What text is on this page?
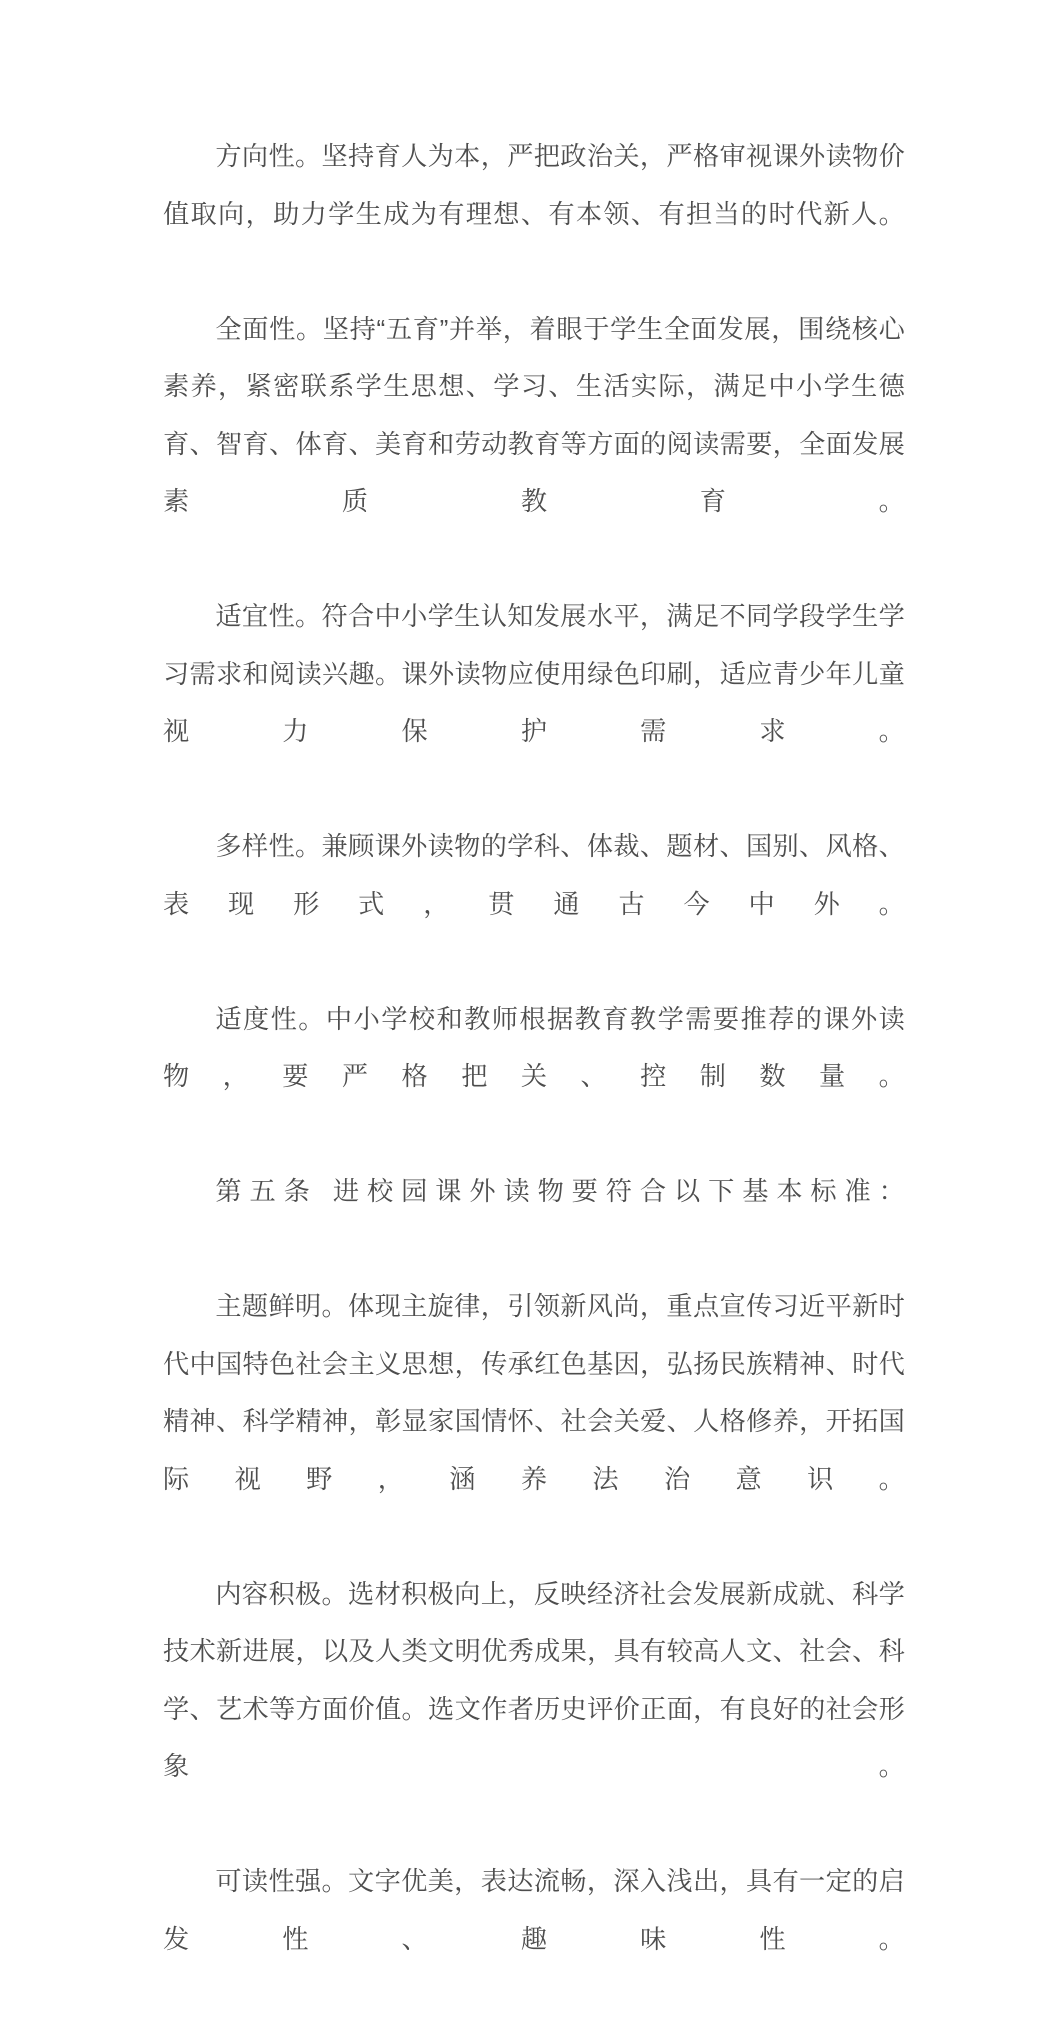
方向性。坚持育人为本，严把政治关，严格审视课外读物价值取向，助力学生成为有理想、有本领、有担当的时代新人。

全面性。坚持“五育”并举，着眼于学生全面发展，围绕核心素养，紧密联系学生思想、学习、生活实际，满足中小学生德育、智育、体育、美育和劳动教育等方面的阅读需要，全面发展素质教育。

适宜性。符合中小学生认知发展水平，满足不同学段学生学习需求和阅读兴趣。课外读物应使用绿色印刷，适应青少年儿童视力保护需求。

多样性。兼顾课外读物的学科、体裁、题材、国别、风格、表现形式，贯通古今中外。

适度性。中小学校和教师根据教育教学需要推荐的课外读物，要严格把关、控制数量。

第五条 进校园课外读物要符合以下基本标准：

主题鲜明。体现主旋律，引领新风尚，重点宣传习近平新时代中国特色社会主义思想，传承红色基因，弘扬民族精神、时代精神、科学精神，彰显家国情怀、社会关爱、人格修养，开拓国际视野，涵养法治意识。

内容积极。选材积极向上，反映经济社会发展新成就、科学技术新进展，以及人类文明优秀成果，具有较高人文、社会、科学、艺术等方面价值。选文作者历史评价正面，有良好的社会形象。

可读性强。文字优美，表达流畅，深入浅出，具有一定的启发性、趣味性。
